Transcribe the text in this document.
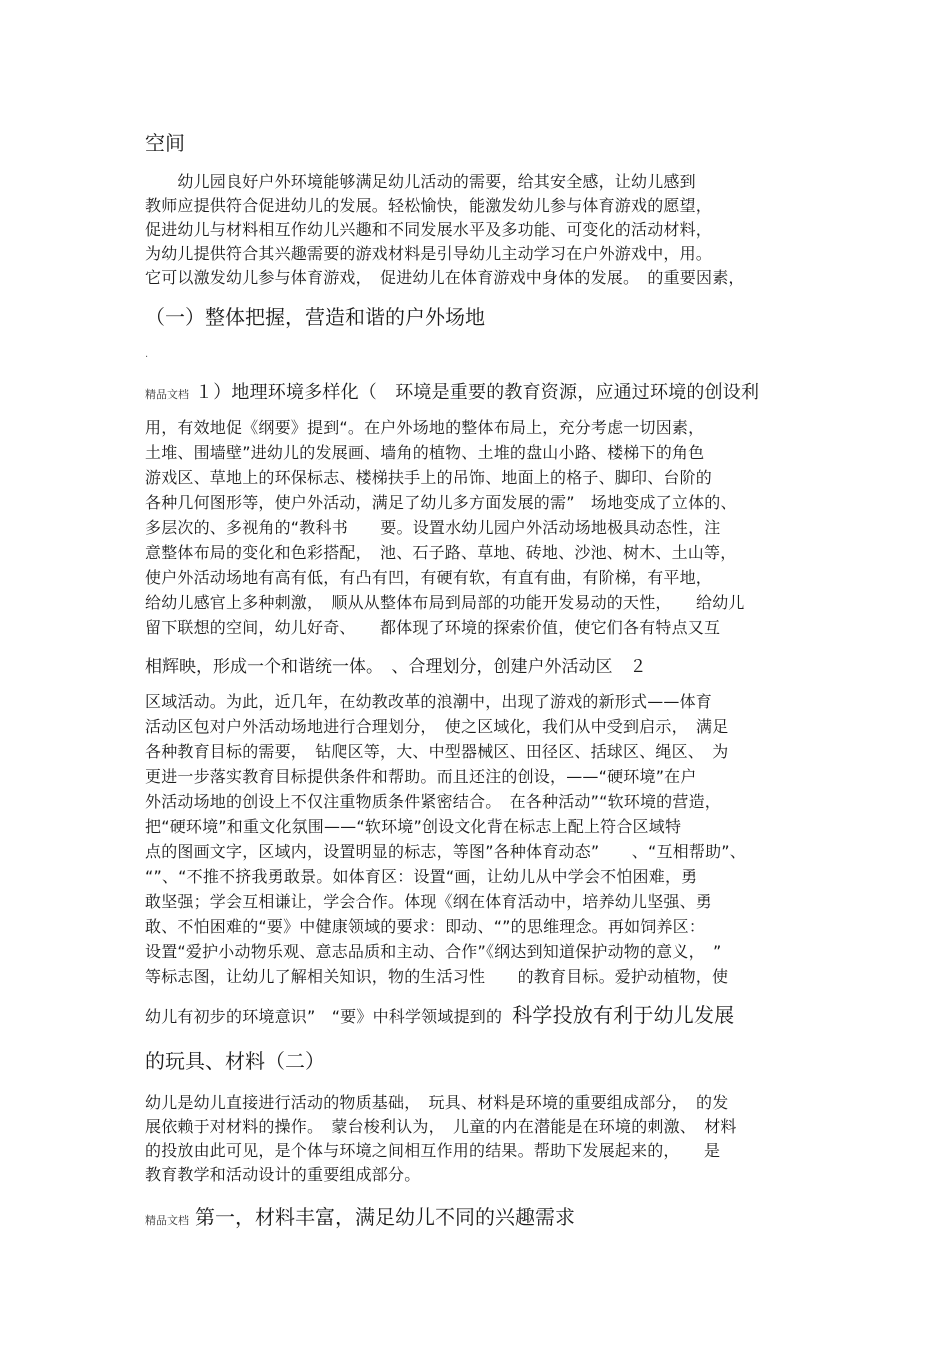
空间
　　幼儿园良好户外环境能够满足幼儿活动的需要，给其安全感，让幼儿感到
教师应提供符合促进幼儿的发展。轻松愉快，能激发幼儿参与体育游戏的愿望，
促进幼儿与材料相互作幼儿兴趣和不同发展水平及多功能、可变化的活动材料，
为幼儿提供符合其兴趣需要的游戏材料是引导幼儿主动学习在户外游戏中，用。
它可以激发幼儿参与体育游戏，　促进幼儿在体育游戏中身体的发展。　的重要因素，
（一）整体把握，营造和谐的户外场地
.
精品文档 １）地理环境多样化（　环境是重要的教育资源，应通过环境的创设利
用，有效地促《纲要》提到“。在户外场地的整体布局上，充分考虑一切因素，
土堆、围墙壁”进幼儿的发展画、墙角的植物、土堆的盘山小路、楼梯下的角色
游戏区、草地上的环保标志、楼梯扶手上的吊饰、地面上的格子、脚印、台阶的
各种几何图形等，使户外活动，满足了幼儿多方面发展的需”　场地变成了立体的、
多层次的、多视角的“教科书　　要。设置水幼儿园户外活动场地极具动态性，注
意整体布局的变化和色彩搭配，　池、石子路、草地、砖地、沙池、树木、土山等，
使户外活动场地有高有低，有凸有凹，有硬有软，有直有曲，有阶梯，有平地，
给幼儿感官上多种刺激，　顺从从整体布局到局部的功能开发易动的天性，　　给幼儿
留下联想的空间，幼儿好奇、　　都体现了环境的探索价值，使它们各有特点又互
相辉映，形成一个和谐统一体。　、合理划分，创建户外活动区　２
区域活动。为此，近几年，在幼教改革的浪潮中，出现了游戏的新形式——体育
活动区包对户外活动场地进行合理划分，　使之区域化，我们从中受到启示，　满足
各种教育目标的需要，　钻爬区等，大、中型器械区、田径区、括球区、绳区、　为
更进一步落实教育目标提供条件和帮助。而且还注的创设，——“硬环境”在户
外活动场地的创设上不仅注重物质条件紧密结合。　在各种活动”“软环境的营造，
把“硬环境”和重文化氛围——“软环境”创设文化背在标志上配上符合区域特
点的图画文字，区域内，设置明显的标志，等图”各种体育动态”　　、“互相帮助”、
“”、“不推不挤我勇敢景。如体育区：设置“画，让幼儿从中学会不怕困难，勇
敢坚强；学会互相谦让，学会合作。体现《纲在体育活动中，培养幼儿坚强、勇
敢、不怕困难的“要》中健康领域的要求：即动、“”的思维理念。再如饲养区：
设置“爱护小动物乐观、意志品质和主动、合作”《纲达到知道保护动物的意义，　”
等标志图，让幼儿了解相关知识，物的生活习性　　的教育目标。爱护动植物，使
幼儿有初步的环境意识”　“要》中科学领域提到的 科学投放有利于幼儿发展
的玩具、材料（二）
幼儿是幼儿直接进行活动的物质基础，　玩具、材料是环境的重要组成部分，　的发
展依赖于对材料的操作。　蒙台梭利认为，　儿童的内在潜能是在环境的刺激、　材料
的投放由此可见，是个体与环境之间相互作用的结果。帮助下发展起来的，　　是
教育教学和活动设计的重要组成部分。
精品文档 第一，材料丰富，满足幼儿不同的兴趣需求
